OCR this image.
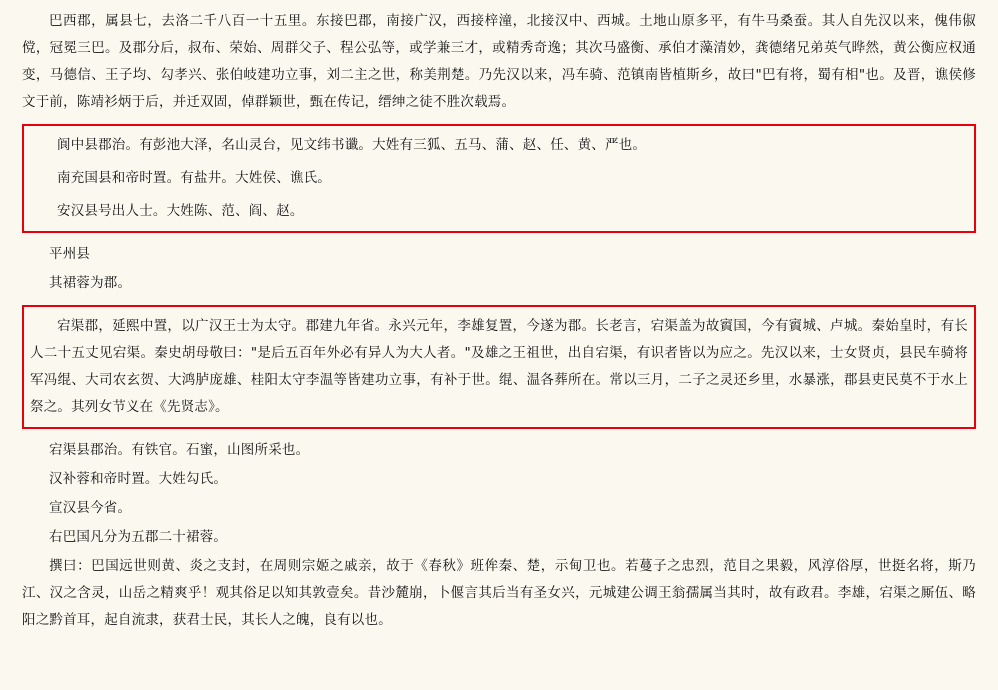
巴西郡，属县七，去洛二千八百一十五里。东接巴郡，南接广汉，西接梓潼，北接汉中、西城。土地山原多平，有牛马桑蚕。其人自先汉以来，傀伟俶傥，冠冕三巴。及郡分后，叔布、荣始、周群父子、程公弘等，或学兼三才，或精秀奇逸；其次马盛衡、承伯才藻清妙，龚德绪兄弟英气晔然，黄公衡应权通变，马德信、王子均、勾孝兴、张伯岐建功立事，刘二主之世，称美荆楚。乃先汉以来，冯车骑、范镇南皆植斯乡，故曰"巴有将，蜀有相"也。及晋，谯侯修文于前，陈靖衫炳于后，并迁双固，倬群颖世，甄在传记，缙绅之徒不胜次载焉。

阆中县郡治。有彭池大泽，名山灵台，见文纬书谶。大姓有三狐、五马、蒲、赵、任、黄、严也。

南充国县和帝时置。有盐井。大姓侯、谯氏。

安汉县号出人士。大姓陈、范、阎、赵。

平州县

其裙蓉为郡。

宕渠郡，延熙中置，以广汉王士为太守。郡建九年省。永兴元年，李雄复置，今遂为郡。长老言，宕渠盖为故賨国，今有賨城、卢城。秦始皇时，有长人二十五丈见宕渠。秦史胡母敬曰："是后五百年外必有异人为大人者。"及雄之王祖世，出自宕渠，有识者皆以为应之。先汉以来，士女贤贞，县民车骑将军冯绲、大司农玄贺、大鸿胪庞雄、桂阳太守李温等皆建功立事，有补于世。绲、温各葬所在。常以三月，二子之灵还乡里，水暴涨，郡县吏民莫不于水上祭之。其列女节义在《先贤志》。

宕渠县郡治。有铁官。石蜜，山图所采也。

汉补蓉和帝时置。大姓勾氏。

宣汉县今省。

右巴国凡分为五郡二十裙蓉。

撰曰：巴国远世则黄、炎之支封，在周则宗姬之戚亲，故于《春秋》班侔秦、楚，示甸卫也。若蔓子之忠烈，范目之果毅，风淳俗厚，世挺名将，斯乃江、汉之含灵，山岳之精爽乎！观其俗足以知其敦壹矣。昔沙麓崩，卜偃言其后当有圣女兴，元城建公调王翁孺属当其时，故有政君。李雄，宕渠之厮伍、略阳之黔首耳，起自流隶，获君士民，其长人之魄，良有以也。
